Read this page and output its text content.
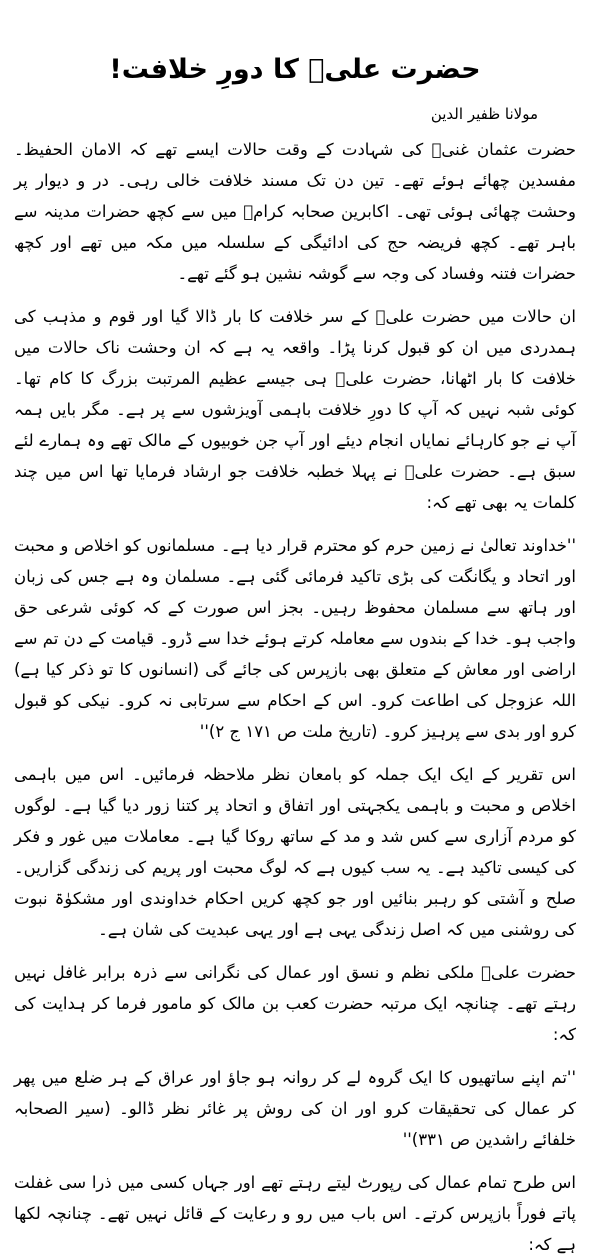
حضرت علیؓ کا دورِ خلافت!
مولانا ظفیر الدین

حضرت عثمان غنیؓ کی شہادت کے وقت حالات ایسے تھے کہ الامان الحفیظ۔ مفسدین چھائے ہوئے تھے۔ تین دن تک مسند خلافت خالی رہی۔ در و دیوار پر وحشت چھائی ہوئی تھی۔ اکابرین صحابہ کرامؓ میں سے کچھ حضرات مدینہ سے باہر تھے۔ کچھ فریضہ حج کی ادائیگی کے سلسلہ میں مکہ میں تھے اور کچھ حضرات فتنہ وفساد کی وجہ سے گوشہ نشین ہو گئے تھے۔

ان حالات میں حضرت علیؓ کے سر خلافت کا بار ڈالا گیا اور قوم و مذہب کی ہمدردی میں ان کو قبول کرنا پڑا۔ واقعہ یہ ہے کہ ان وحشت ناک حالات میں خلافت کا بار اٹھانا، حضرت علیؓ ہی جیسے عظیم المرتبت بزرگ کا کام تھا۔ کوئی شبہ نہیں کہ آپ کا دورِ خلافت باہمی آویزشوں سے پر ہے۔ مگر بایں ہمہ آپ نے جو کارہائے نمایاں انجام دیئے اور آپ جن خوبیوں کے مالک تھے وہ ہمارے لئے سبق ہے۔ حضرت علیؓ نے پہلا خطبہ خلافت جو ارشاد فرمایا تھا اس میں چند کلمات یہ بھی تھے کہ:

''خداوند تعالیٰ نے زمین حرم کو محترم قرار دیا ہے۔ مسلمانوں کو اخلاص و محبت اور اتحاد و یگانگت کی بڑی تاکید فرمائی گئی ہے۔ مسلمان وہ ہے جس کی زبان اور ہاتھ سے مسلمان محفوظ رہیں۔ بجز اس صورت کے کہ کوئی شرعی حق واجب ہو۔ خدا کے بندوں سے معاملہ کرتے ہوئے خدا سے ڈرو۔ قیامت کے دن تم سے اراضی اور معاش کے متعلق بھی بازپرس کی جائے گی (انسانوں کا تو ذکر کیا ہے) اللہ عزوجل کی اطاعت کرو۔ اس کے احکام سے سرتابی نہ کرو۔ نیکی کو قبول کرو اور بدی سے پرہیز کرو۔ (تاریخ ملت ص ۱۷۱ ج ۲)''

اس تقریر کے ایک ایک جملہ کو بامعان نظر ملاحظہ فرمائیں۔ اس میں باہمی اخلاص و محبت و باہمی یکجہتی اور اتفاق و اتحاد پر کتنا زور دیا گیا ہے۔ لوگوں کو مردم آزاری سے کس شد و مد کے ساتھ روکا گیا ہے۔ معاملات میں غور و فکر کی کیسی تاکید ہے۔ یہ سب کیوں ہے کہ لوگ محبت اور پریم کی زندگی گزاریں۔ صلح و آشتی کو رہبر بنائیں اور جو کچھ کریں احکام خداوندی اور مشکوٰۃ نبوت کی روشنی میں کہ اصل زندگی یہی ہے اور یہی عبدیت کی شان ہے۔

حضرت علیؓ ملکی نظم و نسق اور عمال کی نگرانی سے ذرہ برابر غافل نہیں رہتے تھے۔ چنانچہ ایک مرتبہ حضرت کعب بن مالک کو مامور فرما کر ہدایت کی کہ:

''تم اپنے ساتھیوں کا ایک گروہ لے کر روانہ ہو جاؤ اور عراق کے ہر ضلع میں پھر کر عمال کی تحقیقات کرو اور ان کی روش پر غائر نظر ڈالو۔ (سیر الصحابہ خلفائے راشدین ص ۳۳۱)''

اس طرح تمام عمال کی رپورٹ لیتے رہتے تھے اور جہاں کسی میں ذرا سی غفلت پاتے فوراً بازپرس کرتے۔ اس باب میں رو و رعایت کے قائل نہیں تھے۔ چنانچہ لکھا ہے کہ:
